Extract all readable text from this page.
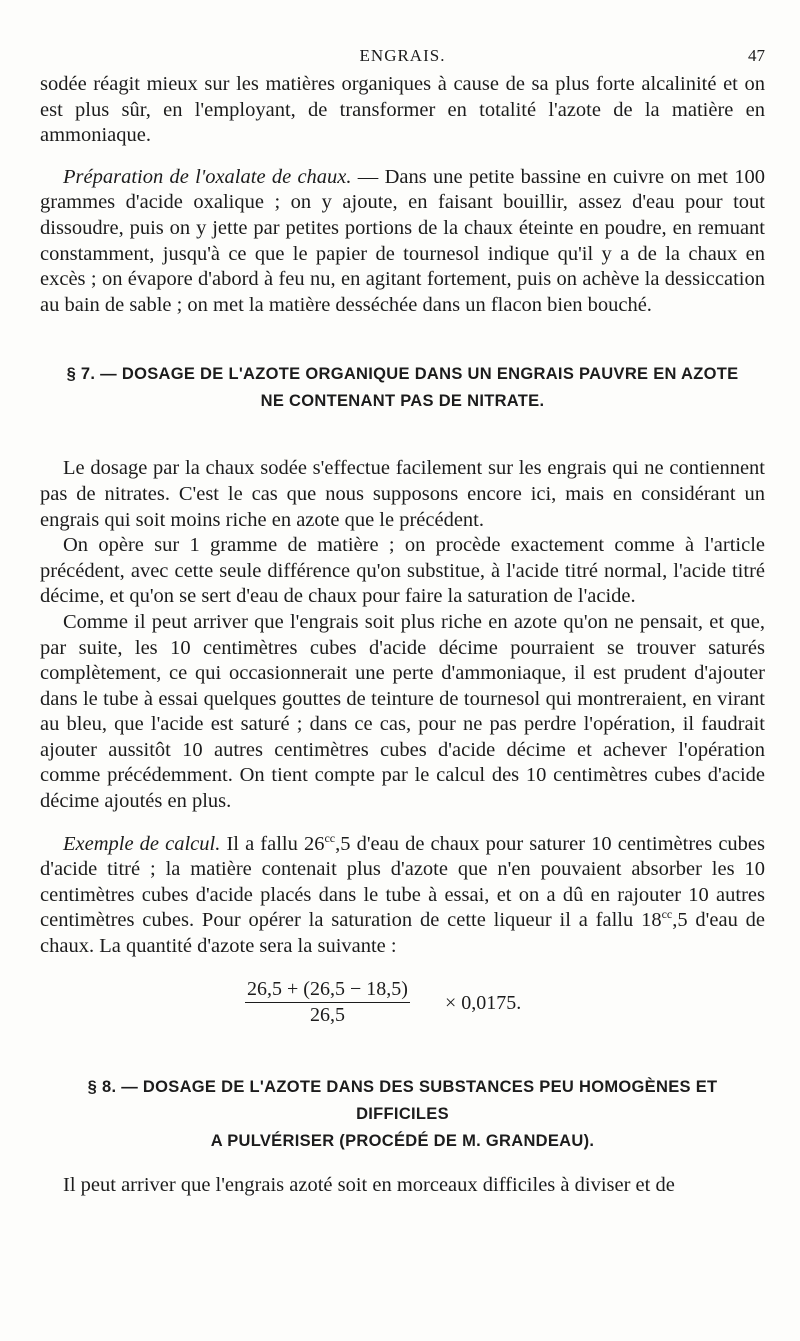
ENGRAIS.	47

sodée réagit mieux sur les matières organiques à cause de sa plus forte alcalinité et on est plus sûr, en l'employant, de transformer en totalité l'azote de la matière en ammoniaque.

Préparation de l'oxalate de chaux. — Dans une petite bassine en cuivre on met 100 grammes d'acide oxalique ; on y ajoute, en faisant bouillir, assez d'eau pour tout dissoudre, puis on y jette par petites portions de la chaux éteinte en poudre, en remuant constamment, jusqu'à ce que le papier de tournesol indique qu'il y a de la chaux en excès ; on évapore d'abord à feu nu, en agitant fortement, puis on achève la dessiccation au bain de sable ; on met la matière desséchée dans un flacon bien bouché.

§ 7. — DOSAGE DE L'AZOTE ORGANIQUE DANS UN ENGRAIS PAUVRE EN AZOTE
NE CONTENANT PAS DE NITRATE.

Le dosage par la chaux sodée s'effectue facilement sur les engrais qui ne contiennent pas de nitrates. C'est le cas que nous supposons encore ici, mais en considérant un engrais qui soit moins riche en azote que le précédent.

On opère sur 1 gramme de matière ; on procède exactement comme à l'article précédent, avec cette seule différence qu'on substitue, à l'acide titré normal, l'acide titré décime, et qu'on se sert d'eau de chaux pour faire la saturation de l'acide.

Comme il peut arriver que l'engrais soit plus riche en azote qu'on ne pensait, et que, par suite, les 10 centimètres cubes d'acide décime pourraient se trouver saturés complètement, ce qui occasionnerait une perte d'ammoniaque, il est prudent d'ajouter dans le tube à essai quelques gouttes de teinture de tournesol qui montreraient, en virant au bleu, que l'acide est saturé ; dans ce cas, pour ne pas perdre l'opération, il faudrait ajouter aussitôt 10 autres centimètres cubes d'acide décime et achever l'opération comme précédemment. On tient compte par le calcul des 10 centimètres cubes d'acide décime ajoutés en plus.

Exemple de calcul. Il a fallu $26^{cc},5$ d'eau de chaux pour saturer 10 centimètres cubes d'acide titré ; la matière contenait plus d'azote que n'en pouvaient absorber les 10 centimètres cubes d'acide placés dans le tube à essai, et on a dû en rajouter 10 autres centimètres cubes. Pour opérer la saturation de cette liqueur il a fallu $18^{cc},5$ d'eau de chaux. La quantité d'azote sera la suivante :

$\frac{26,5 + (26,5 - 18,5)}{26,5} \times 0,0175$.
§ 8. — DOSAGE DE L'AZOTE DANS DES SUBSTANCES PEU HOMOGÈNES ET DIFFICILES
A PULVÉRISER (PROCÉDÉ DE M. GRANDEAU).

Il peut arriver que l'engrais azoté soit en morceaux difficiles à diviser et de
